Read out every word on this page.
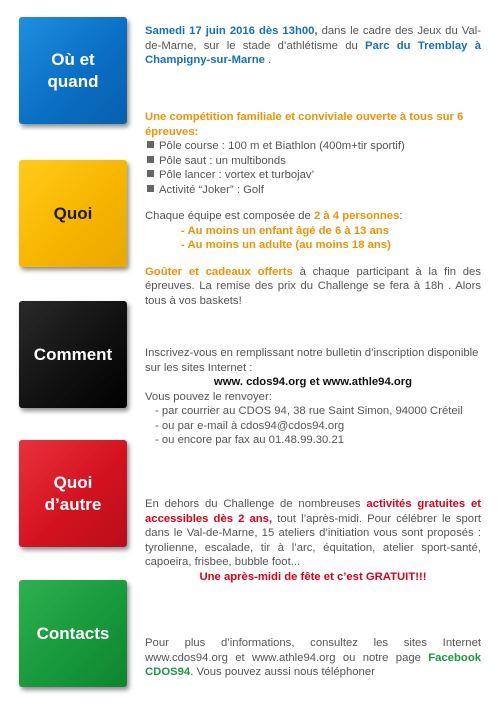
Où et
quand
Quoi
Comment
Quoi
d’autre
Contacts
Samedi 17 juin 2016 dès 13h00, dans le cadre des Jeux du Val-de-Marne, sur le stade d’athlétisme du Parc du Tremblay à Champigny-sur-Marne .
Une compétition familiale et conviviale ouverte à tous sur 6 épreuves:
Pôle course : 100 m et Biathlon (400m+tir sportif)
Pôle saut : un multibonds
Pôle lancer : vortex et turbojav’
Activité “Joker” : Golf
Chaque équipe est composée de 2 à 4 personnes:
- Au moins un enfant âgé de 6 à 13 ans
- Au moins un adulte (au moins 18 ans)
Goûter et cadeaux offerts à chaque participant à la fin des épreuves. La remise des prix du Challenge se fera à 18h . Alors tous à vos baskets!
Inscrivez-vous en remplissant notre bulletin d’inscription disponible sur les sites Internet :
www. cdos94.org et www.athle94.org
Vous pouvez le renvoyer:
- par courrier au CDOS 94, 38 rue Saint Simon, 94000 Créteil
- ou par e-mail à cdos94@cdos94.org
- ou encore par fax au 01.48.99.30.21
En dehors du Challenge de nombreuses activités gratuites et accessibles dès 2 ans, tout l’après-midi. Pour célébrer le sport dans le Val-de-Marne, 15 ateliers d’initiation vous sont proposés : tyrolienne, escalade, tir à l’arc, équitation, atelier sport-santé, capoeira, frisbee, bubble foot...
Une après-midi de fête et c’est GRATUIT!!!
Pour plus d’informations, consultez les sites Internet www.cdos94.org et www.athle94.org ou notre page Facebook CDOS94. Vous pouvez aussi nous téléphoner
